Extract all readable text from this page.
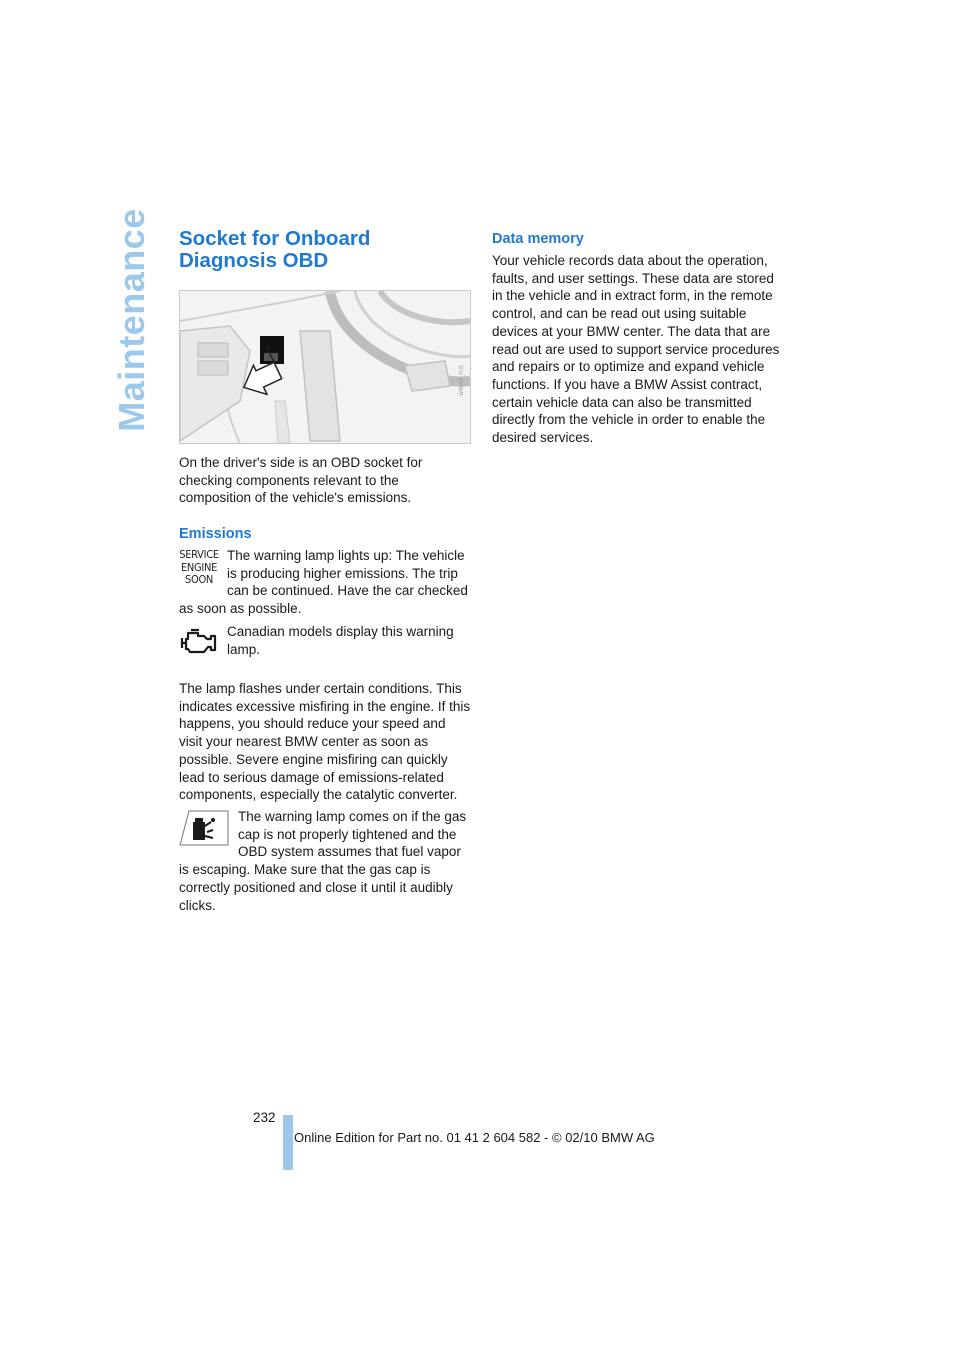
Maintenance Socket for Onboard Diagnosis OBD
W8KGA_FUS

On the driver's side is an OBD socket for checking components relevant to the composition of the vehicle's emissions.

Emissions
SERVICE
ENGINE
SOON

The warning lamp lights up: The vehicle is producing higher emissions. The trip can be continued. Have the car checked as soon as possible.

Canadian models display this warning lamp.

The lamp flashes under certain conditions. This indicates excessive misfiring in the engine. If this happens, you should reduce your speed and visit your nearest BMW center as soon as possible. Severe engine misfiring can quickly lead to serious damage of emissions-related components, especially the catalytic converter.

The warning lamp comes on if the gas cap is not properly tightened and the OBD system assumes that fuel vapor is escaping. Make sure that the gas cap is correctly positioned and close it until it audibly clicks.

Data memory

Your vehicle records data about the operation, faults, and user settings. These data are stored in the vehicle and in extract form, in the remote control, and can be read out using suitable devices at your BMW center. The data that are read out are used to support service procedures and repairs or to optimize and expand vehicle functions. If you have a BMW Assist contract, certain vehicle data can also be transmitted directly from the vehicle in order to enable the desired services.

232
Online Edition for Part no. 01 41 2 604 582 - © 02/10 BMW AG
